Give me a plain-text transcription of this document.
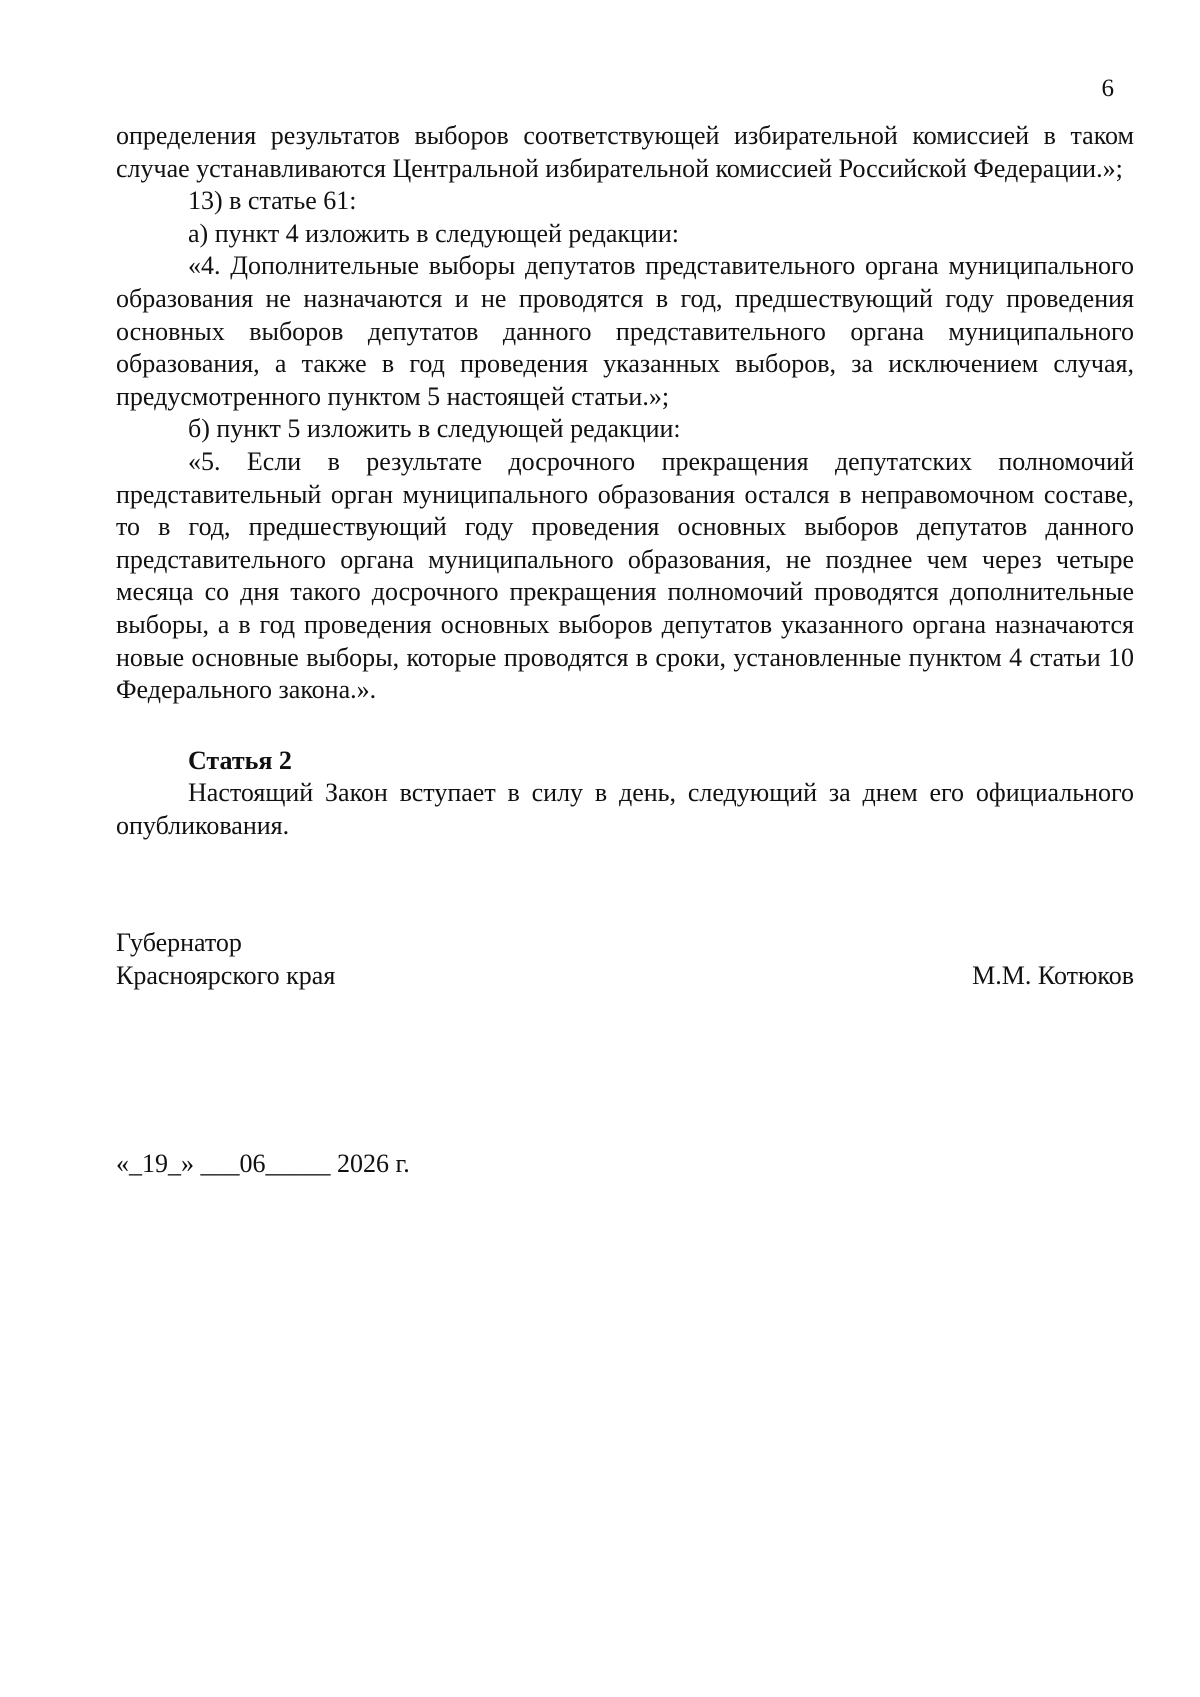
6

определения результатов выборов соответствующей избирательной комиссией в таком случае устанавливаются Центральной избирательной комиссией Российской Федерации.»;

13) в статье 61:

а) пункт 4 изложить в следующей редакции:

«4. Дополнительные выборы депутатов представительного органа муниципального образования не назначаются и не проводятся в год, предшествующий году проведения основных выборов депутатов данного представительного органа муниципального образования, а также в год проведения указанных выборов, за исключением случая, предусмотренного пунктом 5 настоящей статьи.»;

б) пункт 5 изложить в следующей редакции:

«5. Если в результате досрочного прекращения депутатских полномочий представительный орган муниципального образования остался в неправомочном составе, то в год, предшествующий году проведения основных выборов депутатов данного представительного органа муниципального образования, не позднее чем через четыре месяца со дня такого досрочного прекращения полномочий проводятся дополнительные выборы, а в год проведения основных выборов депутатов указанного органа назначаются новые основные выборы, которые проводятся в сроки, установленные пунктом 4 статьи 10 Федерального закона.».

Статья 2

Настоящий Закон вступает в силу в день, следующий за днем его официального опубликования.

Губернатор
Красноярского края	М.М. Котюков
«_19_» ___06_____ 2026 г.
